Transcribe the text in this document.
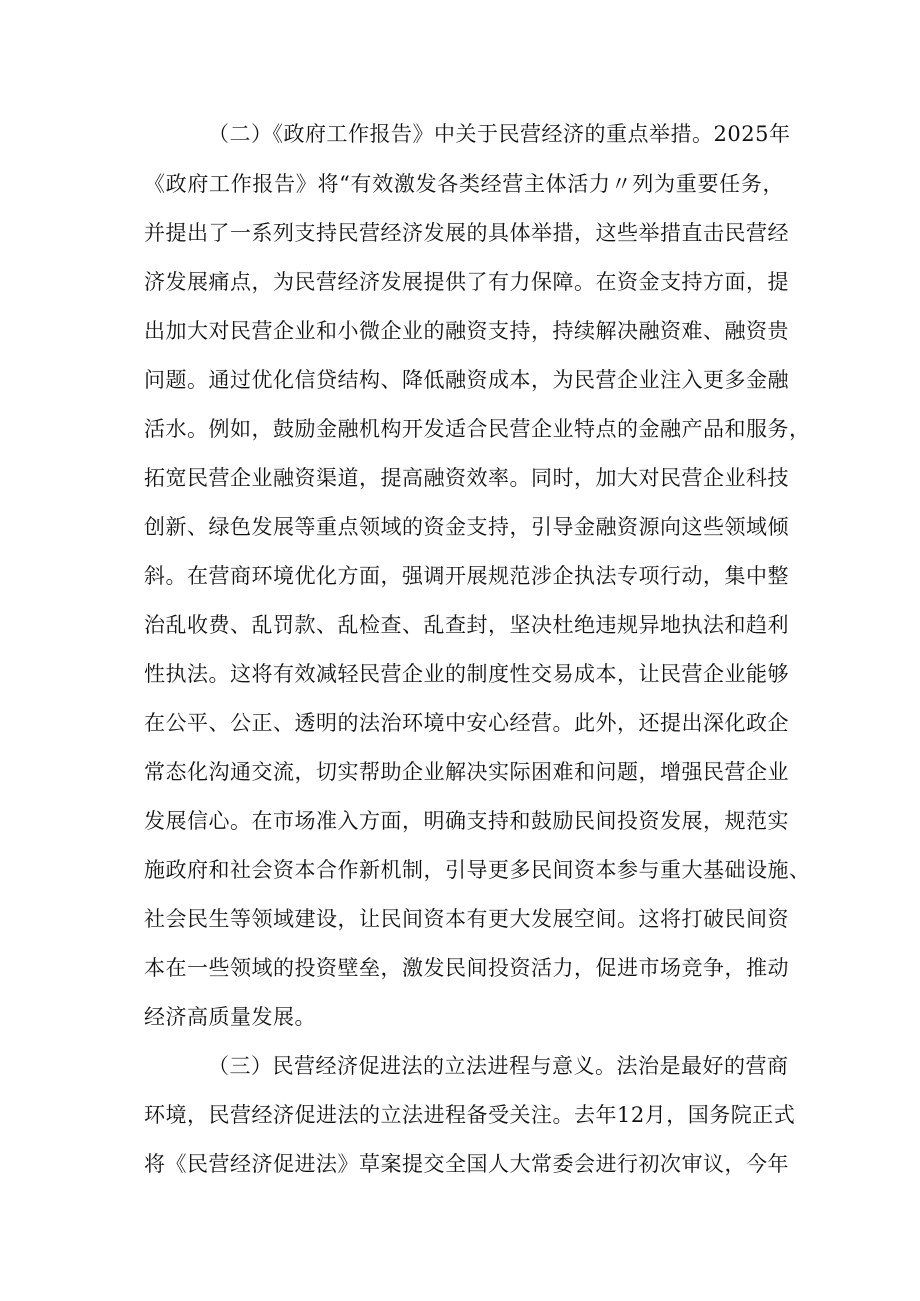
（二）《政府工作报告》中关于民营经济的重点举措。2025年
《政府工作报告》将“有效激发各类经营主体活力〃列为重要任务，
并提出了一系列支持民营经济发展的具体举措，这些举措直击民营经
济发展痛点，为民营经济发展提供了有力保障。在资金支持方面，提
出加大对民营企业和小微企业的融资支持，持续解决融资难、融资贵
问题。通过优化信贷结构、降低融资成本，为民营企业注入更多金融
活水。例如，鼓励金融机构开发适合民营企业特点的金融产品和服务，
拓宽民营企业融资渠道，提高融资效率。同时，加大对民营企业科技
创新、绿色发展等重点领域的资金支持，引导金融资源向这些领域倾
斜。在营商环境优化方面，强调开展规范涉企执法专项行动，集中整
治乱收费、乱罚款、乱检查、乱查封，坚决杜绝违规异地执法和趋利
性执法。这将有效减轻民营企业的制度性交易成本，让民营企业能够
在公平、公正、透明的法治环境中安心经营。此外，还提出深化政企
常态化沟通交流，切实帮助企业解决实际困难和问题，增强民营企业
发展信心。在市场准入方面，明确支持和鼓励民间投资发展，规范实
施政府和社会资本合作新机制，引导更多民间资本参与重大基础设施、
社会民生等领域建设，让民间资本有更大发展空间。这将打破民间资
本在一些领域的投资壁垒，激发民间投资活力，促进市场竞争，推动
经济高质量发展。
（三）民营经济促进法的立法进程与意义。法治是最好的营商
环境，民营经济促进法的立法进程备受关注。去年12月，国务院正式
将《民营经济促进法》草案提交全国人大常委会进行初次审议，今年
